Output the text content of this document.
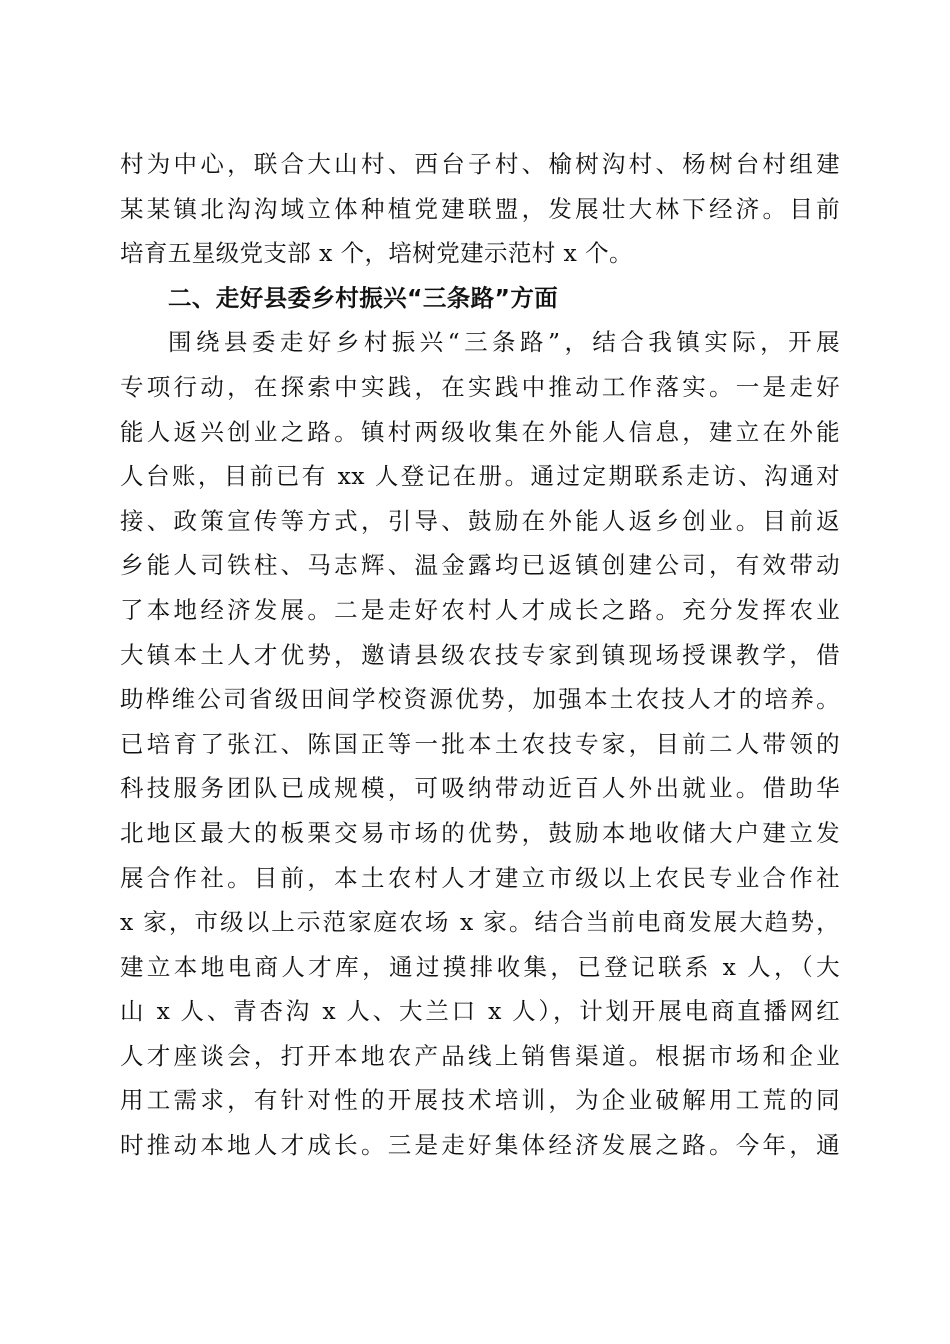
村为中心，联合大山村、西台子村、榆树沟村、杨树台村组建
某某镇北沟沟域立体种植党建联盟，发展壮大林下经济。目前
培育五星级党支部 x 个，培树党建示范村 x 个。
二、走好县委乡村振兴“三条路”方面
围绕县委走好乡村振兴“三条路”，结合我镇实际，开展
专项行动，在探索中实践，在实践中推动工作落实。一是走好
能人返兴创业之路。镇村两级收集在外能人信息，建立在外能
人台账，目前已有 xx 人登记在册。通过定期联系走访、沟通对
接、政策宣传等方式，引导、鼓励在外能人返乡创业。目前返
乡能人司铁柱、马志辉、温金露均已返镇创建公司，有效带动
了本地经济发展。二是走好农村人才成长之路。充分发挥农业
大镇本土人才优势，邀请县级农技专家到镇现场授课教学，借
助桦维公司省级田间学校资源优势，加强本土农技人才的培养。
已培育了张江、陈国正等一批本土农技专家，目前二人带领的
科技服务团队已成规模，可吸纳带动近百人外出就业。借助华
北地区最大的板栗交易市场的优势，鼓励本地收储大户建立发
展合作社。目前，本土农村人才建立市级以上农民专业合作社
x 家，市级以上示范家庭农场 x 家。结合当前电商发展大趋势，
建立本地电商人才库，通过摸排收集，已登记联系 x 人，（大
山 x 人、青杏沟 x 人、大兰口 x 人），计划开展电商直播网红
人才座谈会，打开本地农产品线上销售渠道。根据市场和企业
用工需求，有针对性的开展技术培训，为企业破解用工荒的同
时推动本地人才成长。三是走好集体经济发展之路。今年，通
